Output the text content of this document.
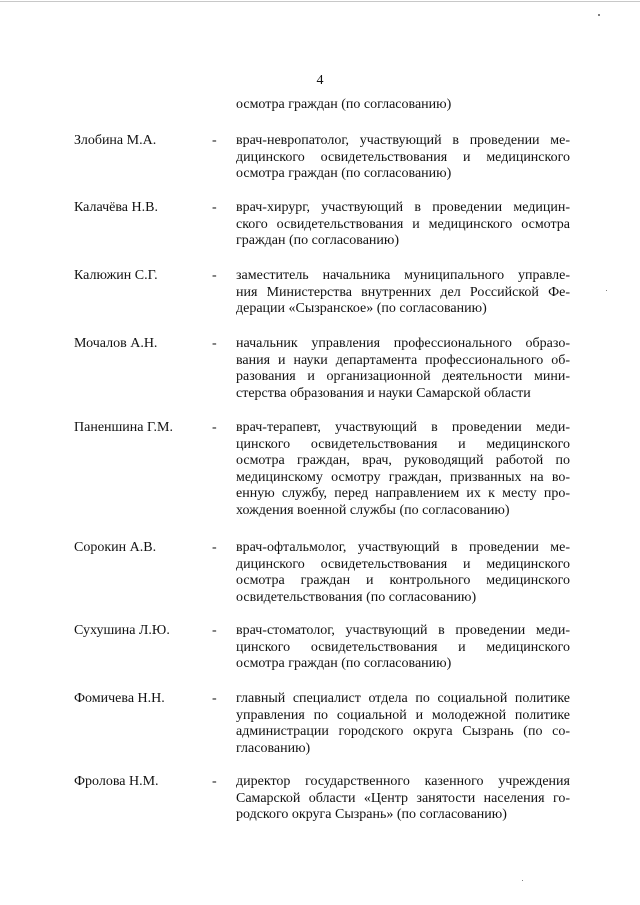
4
осмотра граждан (по согласованию)
Злобина М.А.	- врач-невропатолог, участвующий в проведении ме-
дицинского освидетельствования и медицинского
осмотра граждан (по согласованию)
Калачёва Н.В.	- врач-хирург, участвующий в проведении медицин-
ского освидетельствования и медицинского осмотра
граждан (по согласованию)
Калюжин С.Г.	- заместитель начальника муниципального управле-
ния Министерства внутренних дел Российской Фе-
дерации «Сызранское» (по согласованию)
Мочалов А.Н.	- начальник управления профессионального образо-
вания и науки департамента профессионального об-
разования и организационной деятельности мини-
стерства образования и науки Самарской области
Паненшина Г.М.	- врач-терапевт, участвующий в проведении меди-
цинского освидетельствования и медицинского
осмотра граждан, врач, руководящий работой по
медицинскому осмотру граждан, призванных на во-
енную службу, перед направлением их к месту про-
хождения военной службы (по согласованию)
Сорокин А.В.	- врач-офтальмолог, участвующий в проведении ме-
дицинского освидетельствования и медицинского
осмотра граждан и контрольного медицинского
освидетельствования (по согласованию)
Сухушина Л.Ю.	- врач-стоматолог, участвующий в проведении меди-
цинского освидетельствования и медицинского
осмотра граждан (по согласованию)
Фомичева Н.Н.	- главный специалист отдела по социальной политике
управления по социальной и молодежной политике
администрации городского округа Сызрань (по со-
гласованию)
Фролова Н.М.	- директор государственного казенного учреждения
Самарской области «Центр занятости населения го-
родского округа Сызрань» (по согласованию)
